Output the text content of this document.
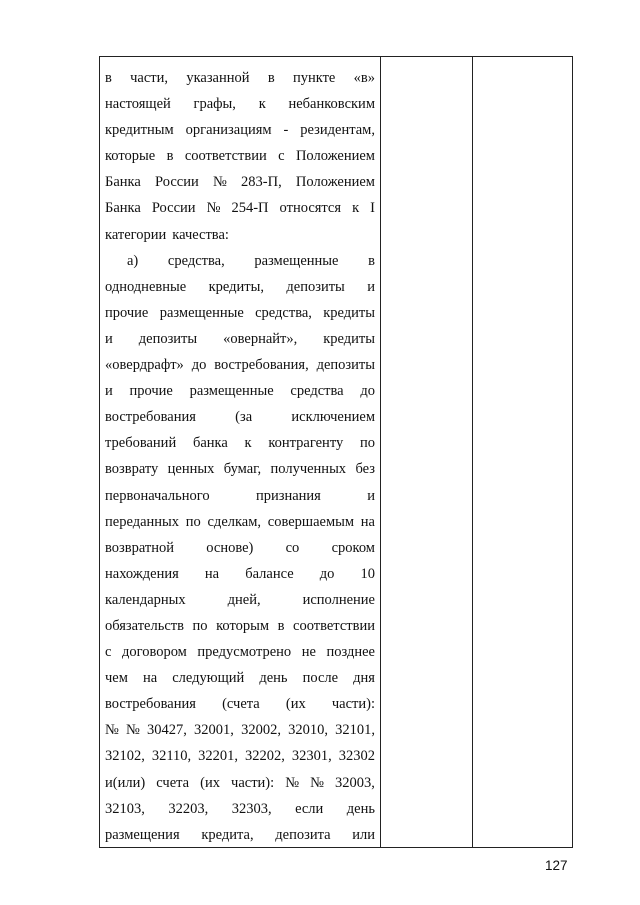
в части, указанной в пункте «в»
настоящей графы, к небанковским
кредитным организациям - резидентам,
которые в соответствии с Положением
Банка России № 283-П, Положением
Банка России № 254-П относятся к I
категории качества:
а) средства, размещенные в
однодневные кредиты, депозиты и
прочие размещенные средства, кредиты
и депозиты «овернайт», кредиты
«овердрафт» до востребования, депозиты
и прочие размещенные средства до
востребования	(за	исключением
требований банка к контрагенту по
возврату ценных бумаг, полученных без
первоначального	признания	и
переданных по сделкам, совершаемым на
возвратной основе) со сроком
нахождения на балансе до 10
календарных	дней,	исполнение
обязательств по которым в соответствии
с договором предусмотрено не позднее
чем на следующий день после дня
востребования (счета (их части):
№ № 30427, 32001, 32002, 32010, 32101,
32102, 32110, 32201, 32202, 32301, 32302
и(или) счета (их части): № № 32003,
32103, 32203, 32303, если день
размещения кредита, депозита или
127
